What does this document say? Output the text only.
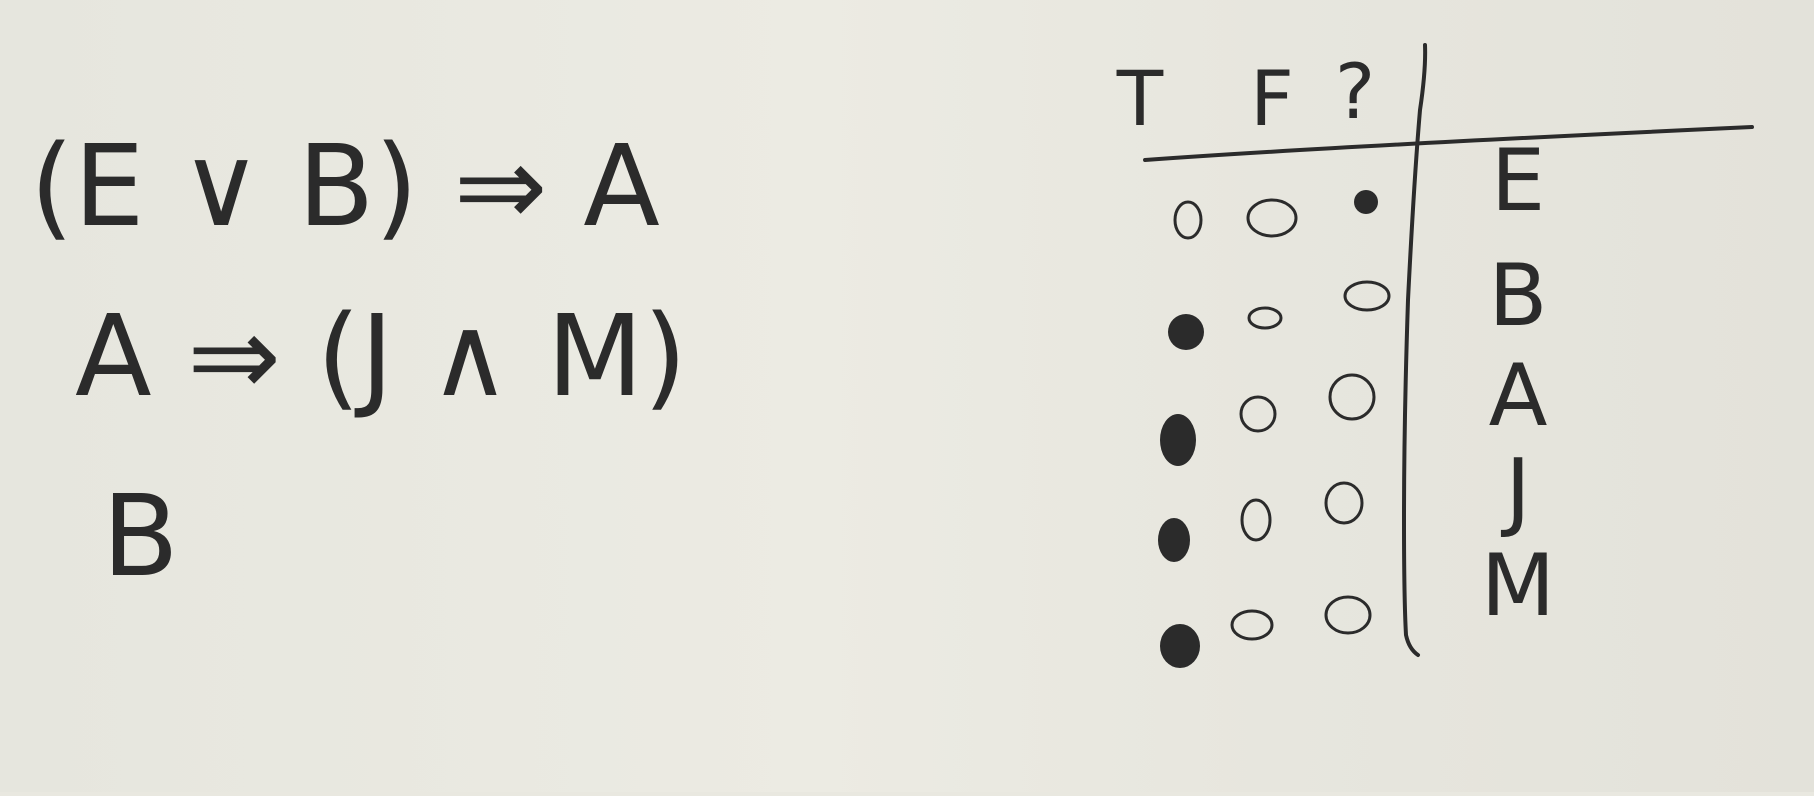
(E ∨ B) ⇒ A
A ⇒ (J ∧ M)
B
T F ?
E
B
A
J
M
